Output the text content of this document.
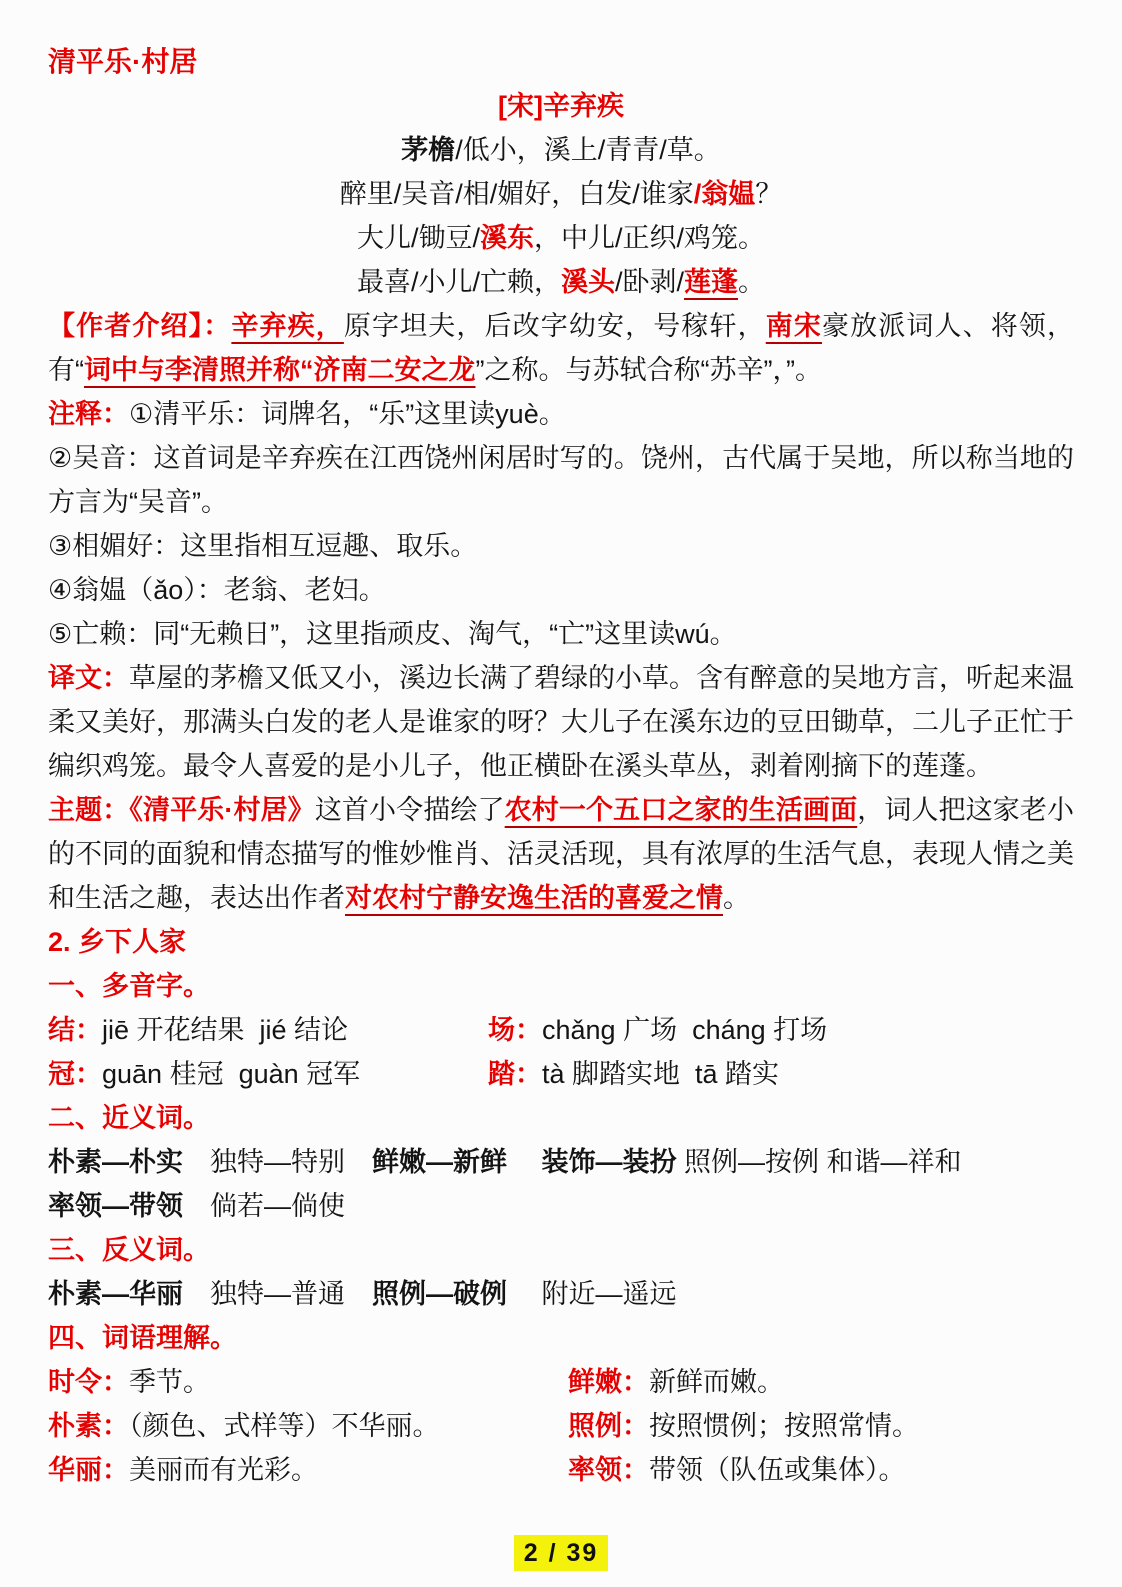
清平乐·村居
[宋]辛弃疾
茅檐/低小，溪上/青青/草。
醉里/吴音/相/媚好，白发/谁家/翁媪？
大儿/锄豆/溪东，中儿/正织/鸡笼。
最喜/小儿/亡赖，溪头/卧剥/莲蓬。

【作者介绍】：辛弃疾，原字坦夫，后改字幼安，号稼轩，南宋豪放派词人、将领，有“词中与李清照并称“济南二安之龙”之称。与苏轼合称“苏辛”，”。

注释：①清平乐：词牌名，“乐”这里读yuè。

②吴音：这首词是辛弃疾在江西饶州闲居时写的。饶州，古代属于吴地，所以称当地的方言为“吴音”。

③相媚好：这里指相互逗趣、取乐。

④翁媪（ǎo）：老翁、老妇。

⑤亡赖：同“无赖日”，这里指顽皮、淘气，“亡”这里读wú。

译文：草屋的茅檐又低又小，溪边长满了碧绿的小草。含有醉意的吴地方言，听起来温柔又美好，那满头白发的老人是谁家的呀？大儿子在溪东边的豆田锄草，二儿子正忙于编织鸡笼。最令人喜爱的是小儿子，他正横卧在溪头草丛，剥着刚摘下的莲蓬。

主题：《清平乐·村居》这首小令描绘了农村一个五口之家的生活画面，词人把这家老小的不同的面貌和情态描写的惟妙惟肖、活灵活现，具有浓厚的生活气息，表现人情之美和生活之趣，表达出作者对农村宁静安逸生活的喜爱之情。

2. 乡下人家
一、多音字。
结：jiē 开花结果  jié 结论	场：chǎng 广场  cháng 打场
冠：guān 桂冠  guàn 冠军	踏：tà 脚踏实地  tā 踏实
二、近义词。

朴素—朴实　独特—特别　鲜嫩—新鲜　 装饰—装扮 照例—按例 和谐—祥和

率领—带领　倘若—倘使

三、反义词。

朴素—华丽　独特—普通　照例—破例　 附近—遥远

四、词语理解。
时令：季节。	鲜嫩：新鲜而嫩。
朴素：（颜色、式样等）不华丽。	照例：按照惯例；按照常情。
华丽：美丽而有光彩。	率领：带领（队伍或集体）。
2 / 39
